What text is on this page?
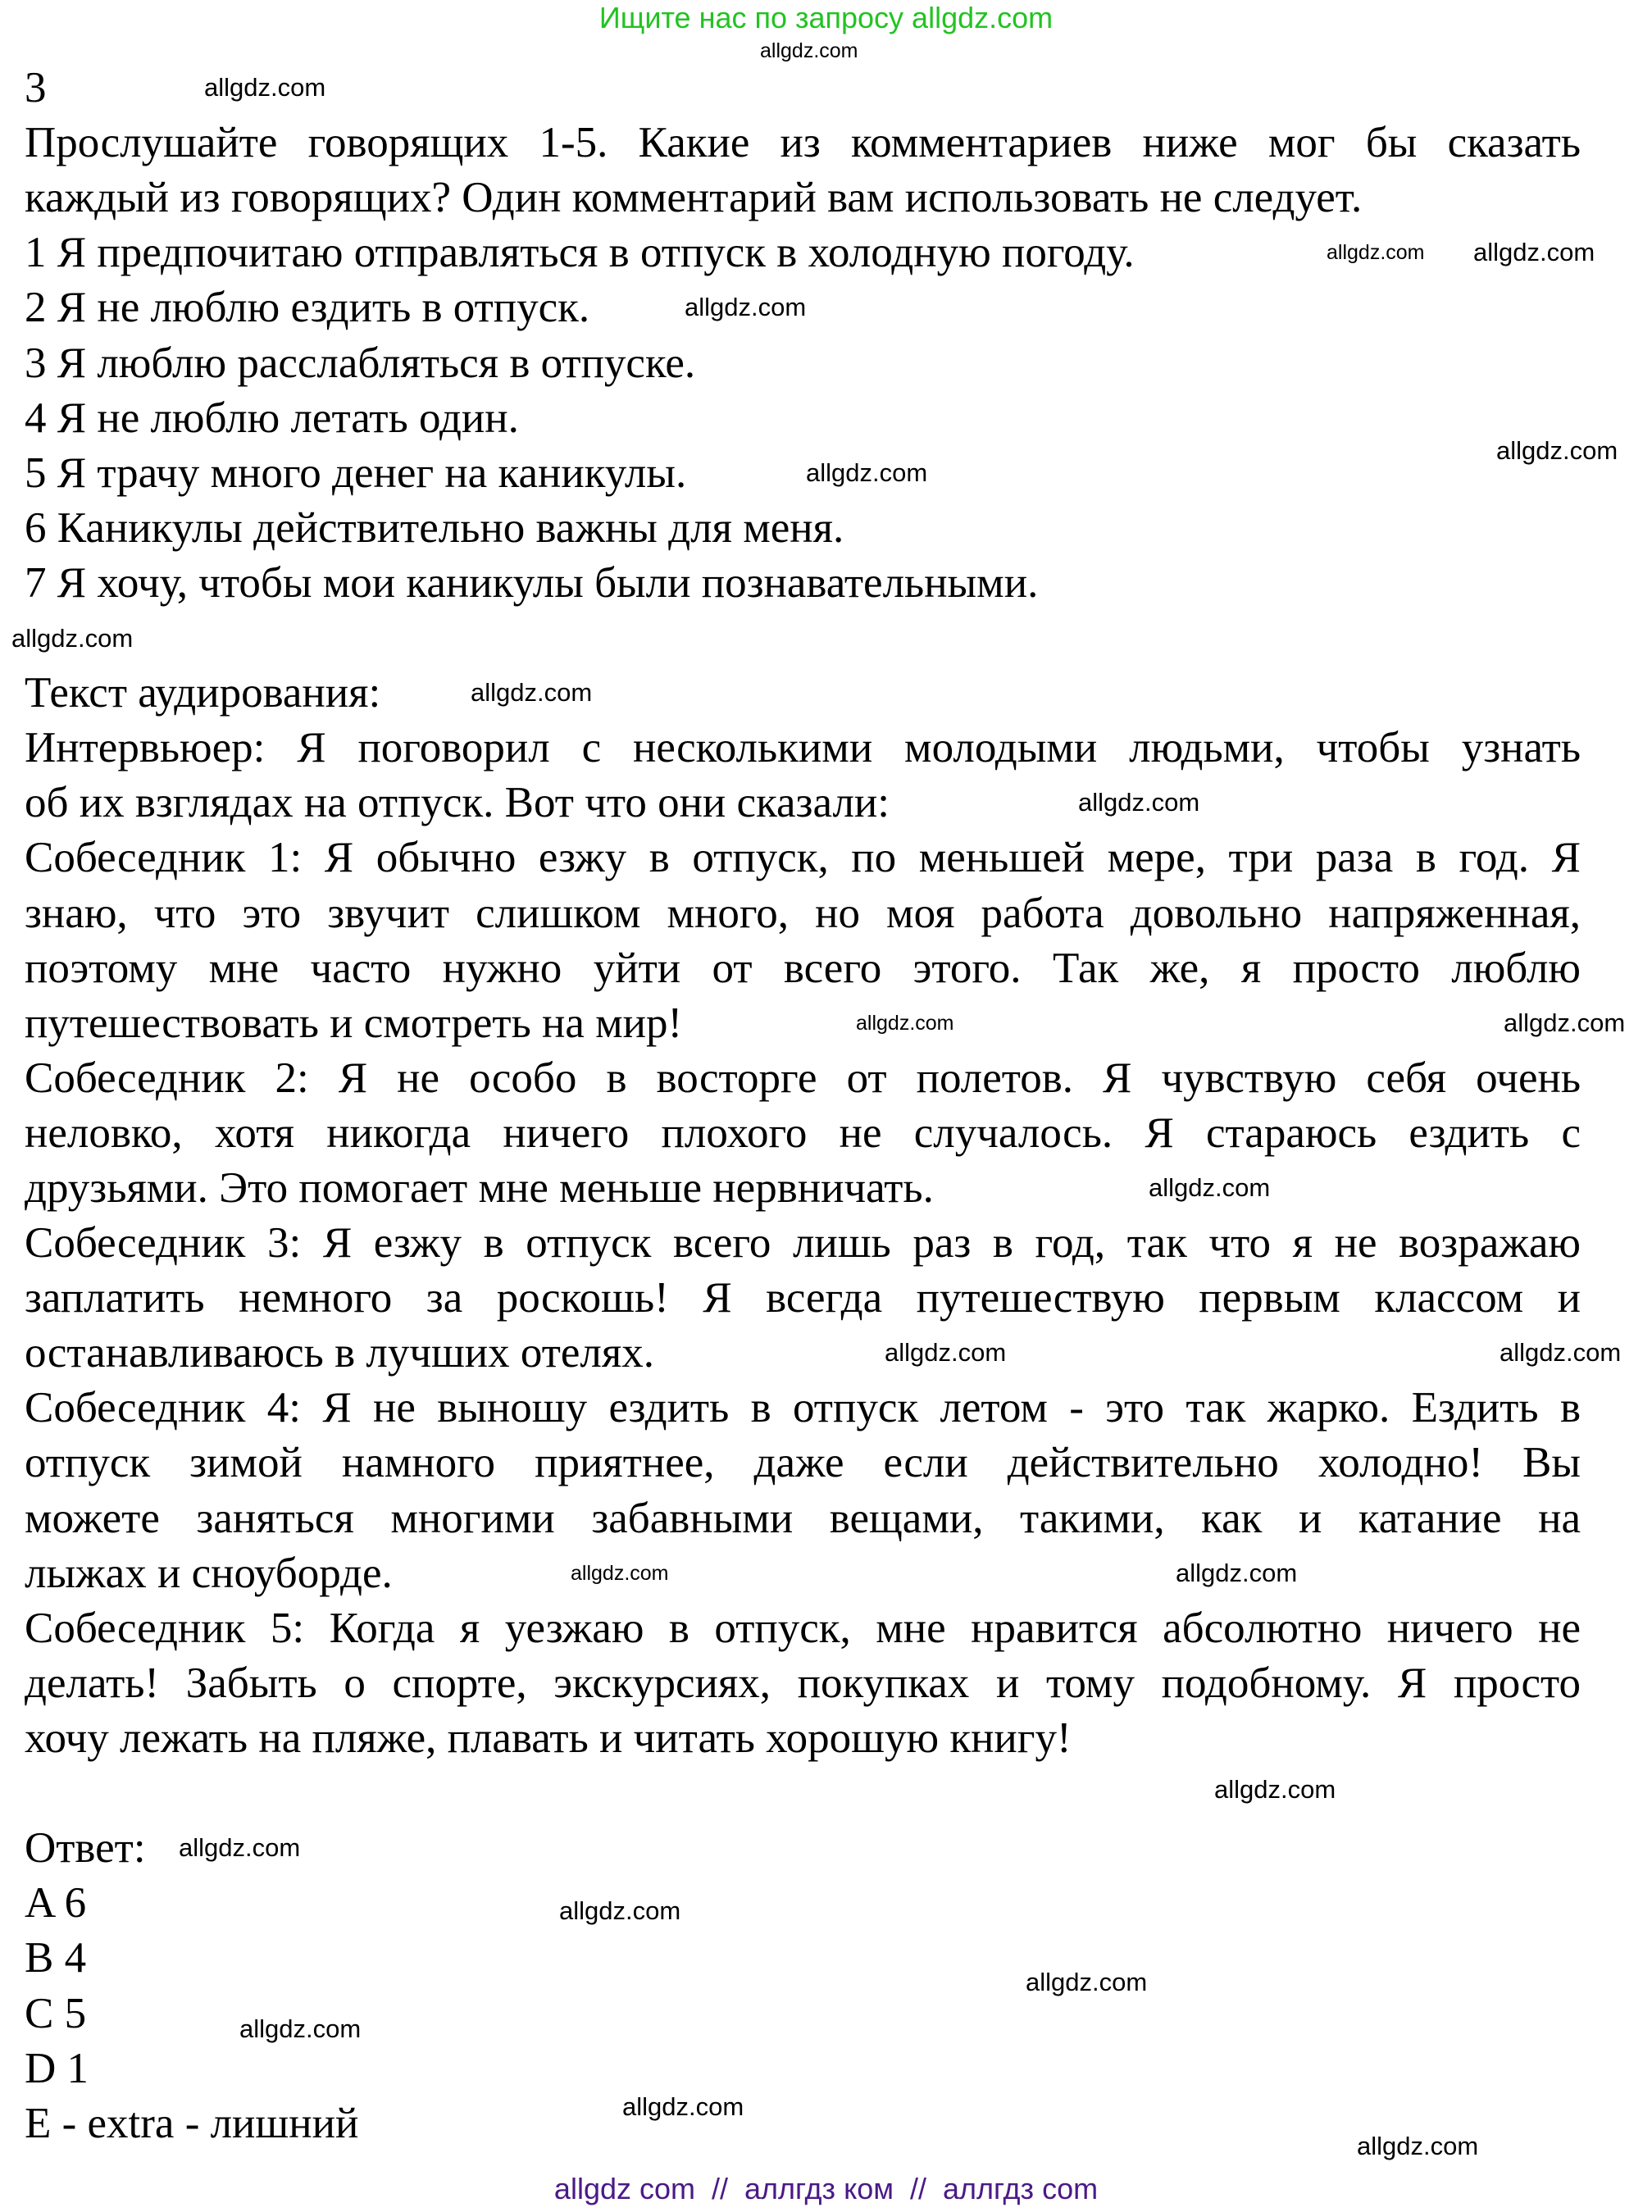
Ищите нас по запросу allgdz.com
3
Прослушайте говорящих 1-5. Какие из комментариев ниже мог бы сказать
каждый из говорящих? Один комментарий вам использовать не следует.
1 Я предпочитаю отправляться в отпуск в холодную погоду.
2 Я не люблю ездить в отпуск.
3 Я люблю расслабляться в отпуске.
4 Я не люблю летать один.
5 Я трачу много денег на каникулы.
6 Каникулы действительно важны для меня.
7 Я хочу, чтобы мои каникулы были познавательными.
Текст аудирования:
Интервьюер: Я поговорил с несколькими молодыми людьми, чтобы узнать
об их взглядах на отпуск. Вот что они сказали:
Собеседник 1: Я обычно езжу в отпуск, по меньшей мере, три раза в год. Я
знаю, что это звучит слишком много, но моя работа довольно напряженная,
поэтому мне часто нужно уйти от всего этого. Так же, я просто люблю
путешествовать и смотреть на мир!
Собеседник 2: Я не особо в восторге от полетов. Я чувствую себя очень
неловко, хотя никогда ничего плохого не случалось. Я стараюсь ездить с
друзьями. Это помогает мне меньше нервничать.
Собеседник 3: Я езжу в отпуск всего лишь раз в год, так что я не возражаю
заплатить немного за роскошь! Я всегда путешествую первым классом и
останавливаюсь в лучших отелях.
Собеседник 4: Я не выношу ездить в отпуск летом - это так жарко. Ездить в
отпуск зимой намного приятнее, даже если действительно холодно! Вы
можете заняться многими забавными вещами, такими, как и катание на
лыжах и сноуборде.
Собеседник 5: Когда я уезжаю в отпуск, мне нравится абсолютно ничего не
делать! Забыть о спорте, экскурсиях, покупках и тому подобному. Я просто
хочу лежать на пляже, плавать и читать хорошую книгу!
Ответ:
A 6
B 4
C 5
D 1
E - extra - лишний
allgdz.com
allgdz.com
allgdz.com allgdz.com
allgdz.com
allgdz.com
allgdz.com
allgdz.com
allgdz.com
allgdz.com
allgdz.com
allgdz.com
allgdz.com
allgdz.com
allgdz.com
allgdz.com	allgdz.com
allgdz.com
allgdz.com
allgdz.com
allgdz.com
allgdz.com
allgdz.com
allgdz.com
allgdz com  //  аллгдз ком  //  аллгдз com
